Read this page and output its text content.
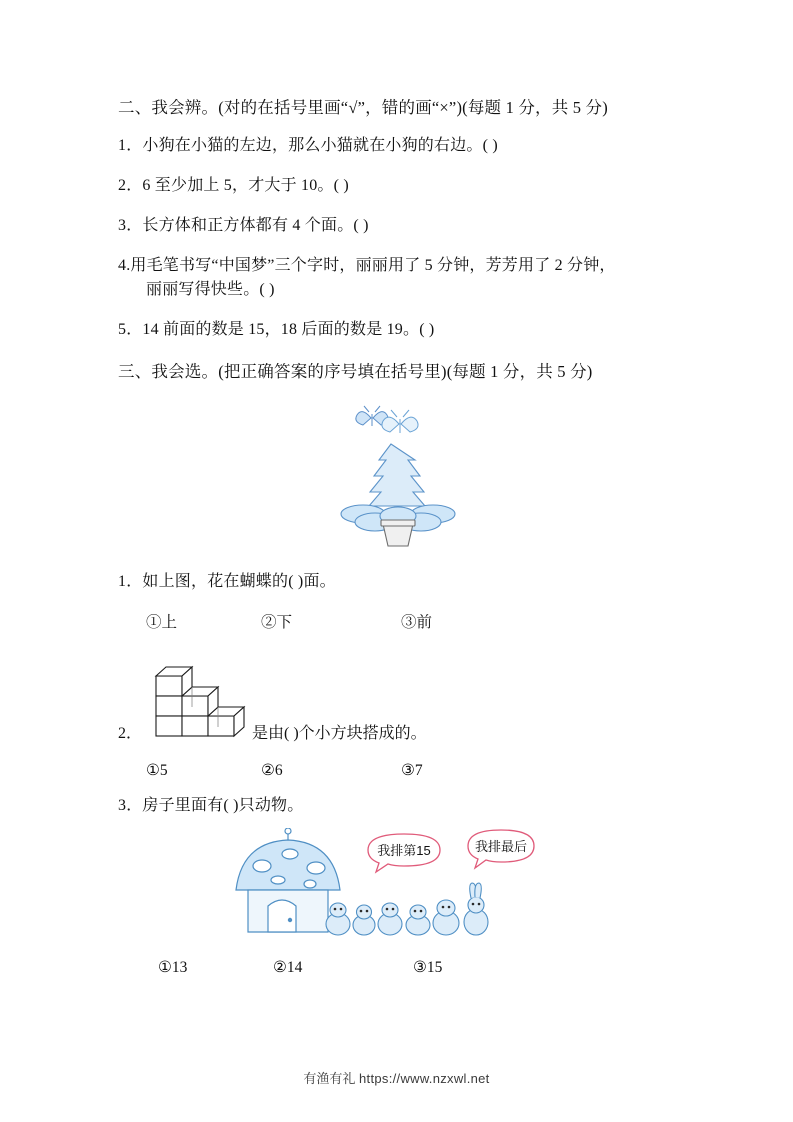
二、我会辨。(对的在括号里画“√”，错的画“×”)(每题 1 分，共 5 分)

1．小狗在小猫的左边，那么小猫就在小狗的右边。( )

2．6 至少加上 5，才大于 10。( )

3．长方体和正方体都有 4 个面。( )

4.用毛笔书写“中国梦”三个字时，丽丽用了 5 分钟，芳芳用了 2 分钟，
丽丽写得快些。( )

5．14 前面的数是 15，18 后面的数是 19。( )

三、我会选。(把正确答案的序号填在括号里)(每题 1 分，共 5 分)

1．如上图，花在蝴蝶的( )面。

①上	②下	③前
2．	是由( )个小方块搭成的。
①5	②6	③7

3．房子里面有( )只动物。

我排第15	我排最后
①13	②14	③15
有渔有礼 https://www.nzxwl.net
